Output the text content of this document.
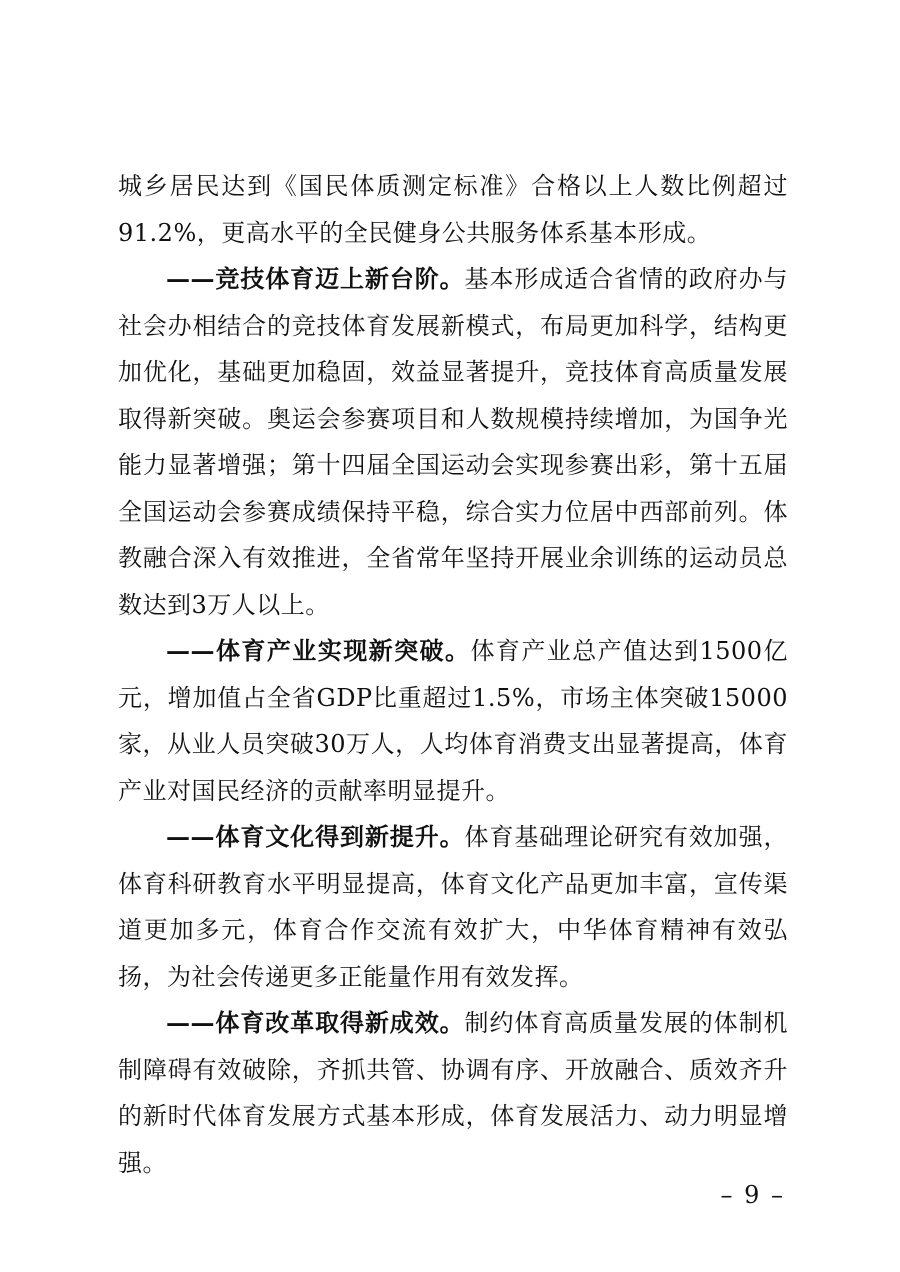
城乡居民达到《国民体质测定标准》合格以上人数比例超过91.2%，更高水平的全民健身公共服务体系基本形成。

——竞技体育迈上新台阶。基本形成适合省情的政府办与社会办相结合的竞技体育发展新模式，布局更加科学，结构更加优化，基础更加稳固，效益显著提升，竞技体育高质量发展取得新突破。奥运会参赛项目和人数规模持续增加，为国争光能力显著增强；第十四届全国运动会实现参赛出彩，第十五届全国运动会参赛成绩保持平稳，综合实力位居中西部前列。体教融合深入有效推进，全省常年坚持开展业余训练的运动员总数达到3万人以上。

——体育产业实现新突破。体育产业总产值达到1500亿元，增加值占全省GDP比重超过1.5%，市场主体突破15000家，从业人员突破30万人，人均体育消费支出显著提高，体育产业对国民经济的贡献率明显提升。

——体育文化得到新提升。体育基础理论研究有效加强，体育科研教育水平明显提高，体育文化产品更加丰富，宣传渠道更加多元，体育合作交流有效扩大，中华体育精神有效弘扬，为社会传递更多正能量作用有效发挥。

——体育改革取得新成效。制约体育高质量发展的体制机制障碍有效破除，齐抓共管、协调有序、开放融合、质效齐升的新时代体育发展方式基本形成，体育发展活力、动力明显增强。

– 9 –
